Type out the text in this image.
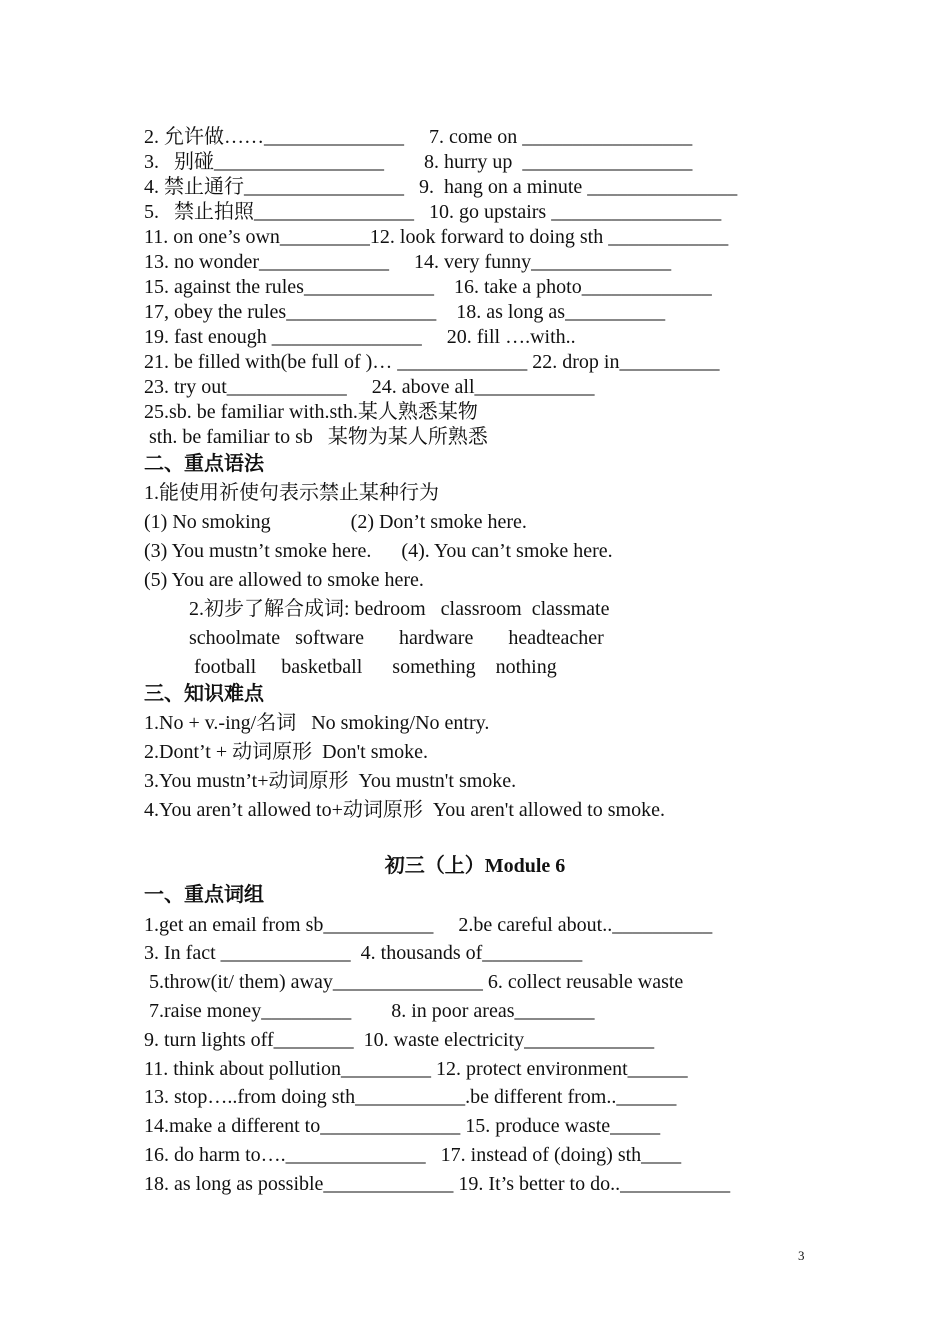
2. 允许做……______________     7. come on _________________
3.   别碰_________________        8. hurry up  _________________
4. 禁止通行________________   9.  hang on a minute _______________
5.   禁止拍照________________   10. go upstairs _________________
11. on one’s own_________12. look forward to doing sth ____________
13. no wonder_____________     14. very funny______________
15. against the rules_____________    16. take a photo_____________
17, obey the rules_______________    18. as long as__________
19. fast enough _______________     20. fill ….with..
21. be filled with(be full of )… _____________ 22. drop in__________
23. try out____________     24. above all____________
25.sb. be familiar with.sth.某人熟悉某物
sth. be familiar to sb   某物为某人所熟悉
二、重点语法
1.能使用祈使句表示禁止某种行为
(1) No smoking                (2) Don’t smoke here.
(3) You mustn’t smoke here.      (4). You can’t smoke here.
(5) You are allowed to smoke here.
2.初步了解合成词: bedroom   classroom  classmate
schoolmate   software       hardware       headteacher
football     basketball      something    nothing
三、知识难点
1.No + v.-ing/名词   No smoking/No entry.
2.Dont’t + 动词原形  Don't smoke.
3.You mustn’t+动词原形  You mustn't smoke.
4.You aren’t allowed to+动词原形  You aren't allowed to smoke.
初三（上）Module 6
一、重点词组
1.get an email from sb___________     2.be careful about..__________
3. In fact _____________  4. thousands of__________
5.throw(it/ them) away_______________ 6. collect reusable waste
7.raise money_________        8. in poor areas________
9. turn lights off________  10. waste electricity_____________
11. think about pollution_________ 12. protect environment______
13. stop…..from doing sth___________.be different from..______
14.make a different to______________ 15. produce waste_____
16. do harm to….______________   17. instead of (doing) sth____
18. as long as possible_____________ 19. It’s better to do..___________
3
